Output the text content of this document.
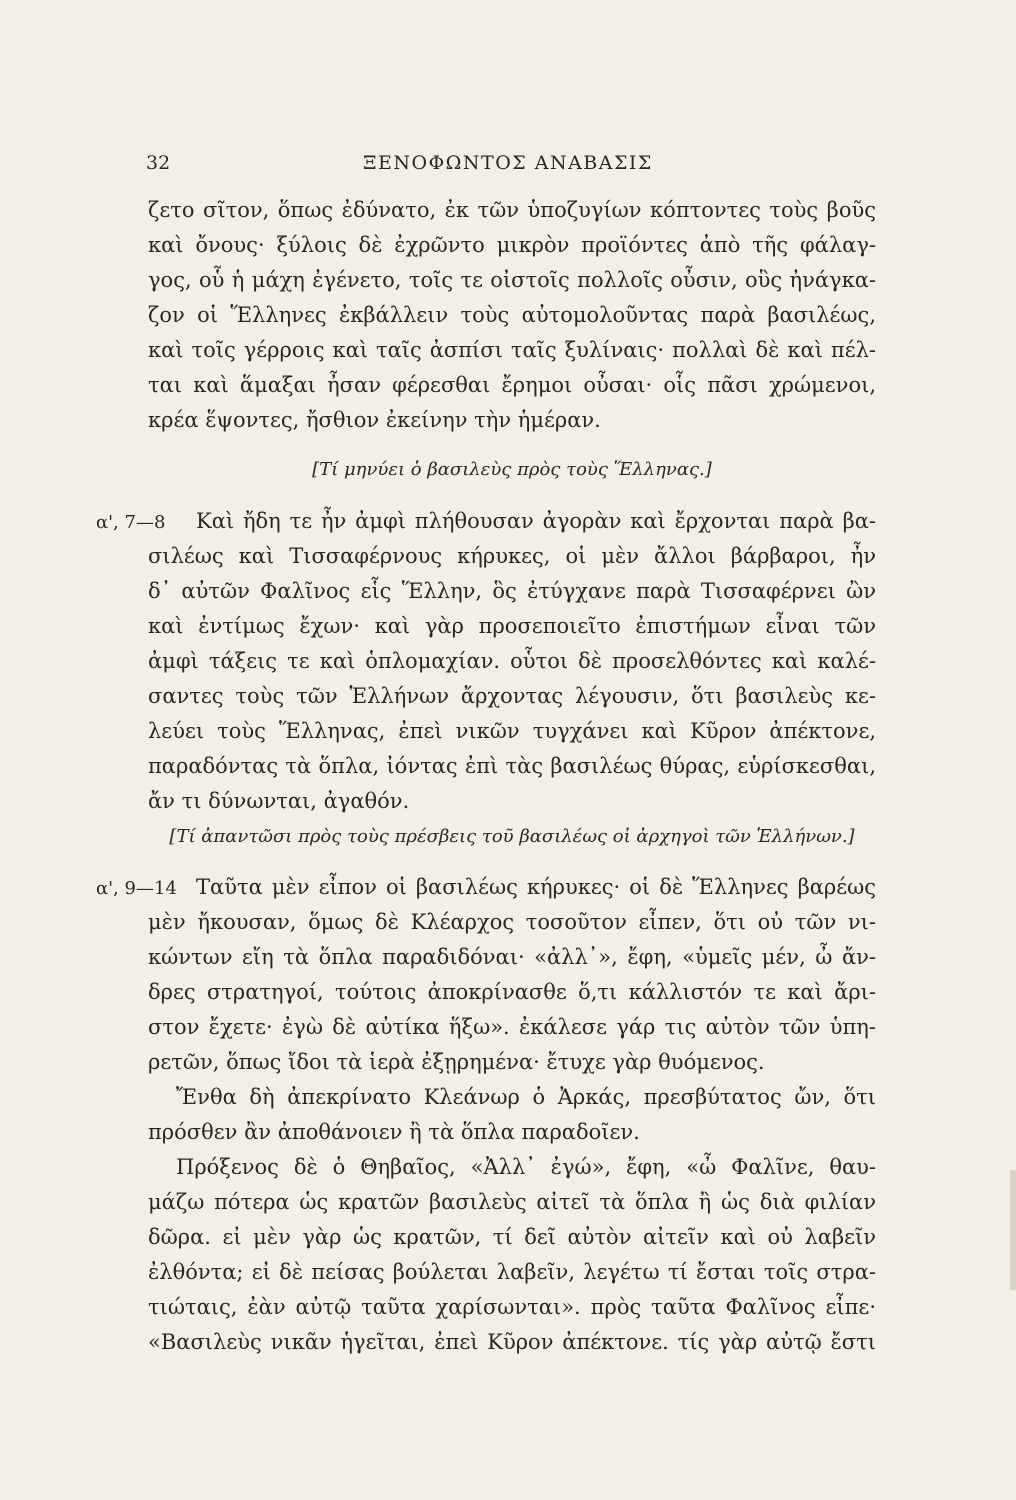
32	ΞΕΝΟΦΩΝΤΟΣ ΑΝΑΒΑΣΙΣ
ζετο σῖτον, ὅπως ἐδύνατο, ἐκ τῶν ὑποζυγίων κόπτοντες τοὺς βοῦς
καὶ ὄνους· ξύλοις δὲ ἐχρῶντο μικρὸν προϊόντες ἀπὸ τῆς φάλαγ-
γος, οὗ ἡ μάχη ἐγένετο, τοῖς τε οἰστοῖς πολλοῖς οὖσιν, οὓς ἠνάγκα-
ζον οἱ Ἕλληνες ἐκβάλλειν τοὺς αὐτομολοῦντας παρὰ βασιλέως,
καὶ τοῖς γέρροις καὶ ταῖς ἀσπίσι ταῖς ξυλίναις· πολλαὶ δὲ καὶ πέλ-
ται καὶ ἅμαξαι ἦσαν φέρεσθαι ἔρημοι οὖσαι· οἷς πᾶσι χρώμενοι,
κρέα ἕψοντες, ἤσθιον ἐκείνην τὴν ἡμέραν.
[Τί μηνύει ὁ βασιλεὺς πρὸς τοὺς Ἕλληνας.]
α', 7—8	Καὶ ἤδη τε ἦν ἀμφὶ πλήθουσαν ἀγορὰν καὶ ἔρχονται παρὰ βα-
σιλέως καὶ Τισσαφέρνους κήρυκες, οἱ μὲν ἄλλοι βάρβαροι, ἦν
δ᾽ αὐτῶν Φαλῖνος εἷς Ἕλλην, ὃς ἐτύγχανε παρὰ Τισσαφέρνει ὢν
καὶ ἐντίμως ἔχων· καὶ γὰρ προσεποιεῖτο ἐπιστήμων εἶναι τῶν
ἀμφὶ τάξεις τε καὶ ὁπλομαχίαν. οὗτοι δὲ προσελθόντες καὶ καλέ-
σαντες τοὺς τῶν Ἑλλήνων ἄρχοντας λέγουσιν, ὅτι βασιλεὺς κε-
λεύει τοὺς Ἕλληνας, ἐπεὶ νικῶν τυγχάνει καὶ Κῦρον ἀπέκτονε,
παραδόντας τὰ ὅπλα, ἰόντας ἐπὶ τὰς βασιλέως θύρας, εὑρίσκεσθαι,
ἄν τι δύνωνται, ἀγαθόν.
[Τί ἀπαντῶσι πρὸς τοὺς πρέσβεις τοῦ βασιλέως οἱ ἀρχηγοὶ τῶν Ἑλλήνων.]
α', 9—14 Ταῦτα μὲν εἶπον οἱ βασιλέως κήρυκες· οἱ δὲ Ἕλληνες βαρέως
μὲν ἤκουσαν, ὅμως δὲ Κλέαρχος τοσοῦτον εἶπεν, ὅτι οὐ τῶν νι-
κώντων εἴη τὰ ὅπλα παραδιδόναι· «ἀλλ᾽», ἔφη, «ὑμεῖς μέν, ὦ ἄν-
δρες στρατηγοί, τούτοις ἀποκρίνασθε ὅ,τι κάλλιστόν τε καὶ ἄρι-
στον ἔχετε· ἐγὼ δὲ αὐτίκα ἥξω». ἐκάλεσε γάρ τις αὐτὸν τῶν ὑπη-
ρετῶν, ὅπως ἴδοι τὰ ἱερὰ ἐξῃρημένα· ἔτυχε γὰρ θυόμενος.
Ἔνθα δὴ ἀπεκρίνατο Κλεάνωρ ὁ Ἀρκάς, πρεσβύτατος ὤν, ὅτι
πρόσθεν ἂν ἀποθάνοιεν ἢ τὰ ὅπλα παραδοῖεν.
Πρόξενος δὲ ὁ Θηβαῖος, «Ἀλλ᾽ ἐγώ», ἔφη, «ὦ Φαλῖνε, θαυ-
μάζω πότερα ὡς κρατῶν βασιλεὺς αἰτεῖ τὰ ὅπλα ἢ ὡς διὰ φιλίαν
δῶρα. εἰ μὲν γὰρ ὡς κρατῶν, τί δεῖ αὐτὸν αἰτεῖν καὶ οὐ λαβεῖν
ἐλθόντα; εἰ δὲ πείσας βούλεται λαβεῖν, λεγέτω τί ἔσται τοῖς στρα-
τιώταις, ἐὰν αὐτῷ ταῦτα χαρίσωνται». πρὸς ταῦτα Φαλῖνος εἶπε·
«Βασιλεὺς νικᾶν ἡγεῖται, ἐπεὶ Κῦρον ἀπέκτονε. τίς γὰρ αὐτῷ ἔστι
